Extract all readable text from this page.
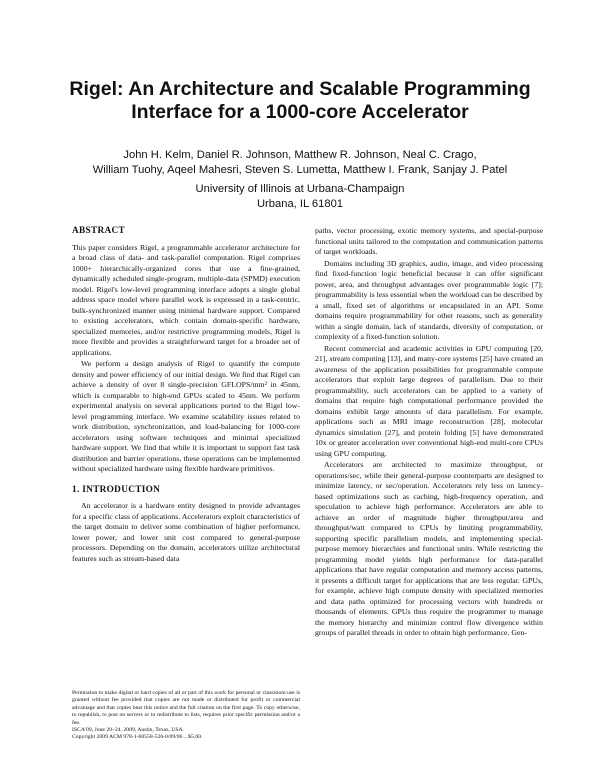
Rigel: An Architecture and Scalable Programming
Interface for a 1000-core Accelerator
John H. Kelm, Daniel R. Johnson, Matthew R. Johnson, Neal C. Crago,
William Tuohy, Aqeel Mahesri, Steven S. Lumetta, Matthew I. Frank, Sanjay J. Patel
University of Illinois at Urbana-Champaign
Urbana, IL 61801
ABSTRACT

This paper considers Rigel, a programmable accelerator architecture for a broad class of data- and task-parallel computation. Rigel comprises 1000+ hierarchically-organized cores that use a fine-grained, dynamically scheduled single-program, multiple-data (SPMD) execution model. Rigel's low-level programming interface adopts a single global address space model where parallel work is expressed in a task-centric, bulk-synchronized manner using minimal hardware support. Compared to existing accelerators, which contain domain-specific hardware, specialized memories, and/or restrictive programming models, Rigel is more flexible and provides a straightforward target for a broader set of applications.

We perform a design analysis of Rigel to quantify the compute density and power efficiency of our initial design. We find that Rigel can achieve a density of over 8 single-precision GFLOPS/mm² in 45nm, which is comparable to high-end GPUs scaled to 45nm. We perform experimental analysis on several applications ported to the Rigel low-level programming interface. We examine scalability issues related to work distribution, synchronization, and load-balancing for 1000-core accelerators using software techniques and minimal specialized hardware support. We find that while it is important to support fast task distribution and barrier operations, these operations can be implemented without specialized hardware using flexible hardware primitives.

1. INTRODUCTION

An accelerator is a hardware entity designed to provide advantages for a specific class of applications. Accelerators exploit characteristics of the target domain to deliver some combination of higher performance, lower power, and lower unit cost compared to general-purpose processors. Depending on the domain, accelerators utilize architectural features such as stream-based data

Permission to make digital or hard copies of all or part of this work for personal or classroom use is granted without fee provided that copies are not made or distributed for profit or commercial advantage and that copies bear this notice and the full citation on the first page. To copy otherwise, to republish, to post on servers or to redistribute to lists, requires prior specific permission and/or a fee.
ISCA'09, June 20–24, 2009, Austin, Texas, USA.
Copyright 2009 ACM 978-1-60558-526-0/09/06 ...$5.00.

paths, vector processing, exotic memory systems, and special-purpose functional units tailored to the computation and communication patterns of target workloads.

Domains including 3D graphics, audio, image, and video processing find fixed-function logic beneficial because it can offer significant power, area, and throughput advantages over programmable logic [7]; programmability is less essential when the workload can be described by a small, fixed set of algorithms or encapsulated in an API. Some domains require programmability for other reasons, such as generality within a single domain, lack of standards, diversity of computation, or complexity of a fixed-function solution.

Recent commercial and academic activities in GPU computing [20, 21], stream computing [13], and many-core systems [25] have created an awareness of the application possibilities for programmable compute accelerators that exploit large degrees of parallelism. Due to their programmability, such accelerators can be applied to a variety of domains that require high computational performance provided the domains exhibit large amounts of data parallelism. For example, applications such as MRI image reconstruction [28], molecular dynamics simulation [27], and protein folding [5] have demonstrated 10x or greater acceleration over conventional high-end multi-core CPUs using GPU computing.

Accelerators are architected to maximize throughput, or operations/sec, while their general-purpose counterparts are designed to minimize latency, or sec/operation. Accelerators rely less on latency-based optimizations such as caching, high-frequency operation, and speculation to achieve high performance. Accelerators are able to achieve an order of magnitude higher throughput/area and throughput/watt compared to CPUs by limiting programmability, supporting specific parallelism models, and implementing special-purpose memory hierarchies and functional units. While restricting the programming model yields high performance for data-parallel applications that have regular computation and memory access patterns, it presents a difficult target for applications that are less regular. GPUs, for example, achieve high compute density with specialized memories and data paths optimized for processing vectors with hundreds or thousands of elements. GPUs thus require the programmer to manage the memory hierarchy and minimize control flow divergence within groups of parallel threads in order to obtain high performance. Gen-
